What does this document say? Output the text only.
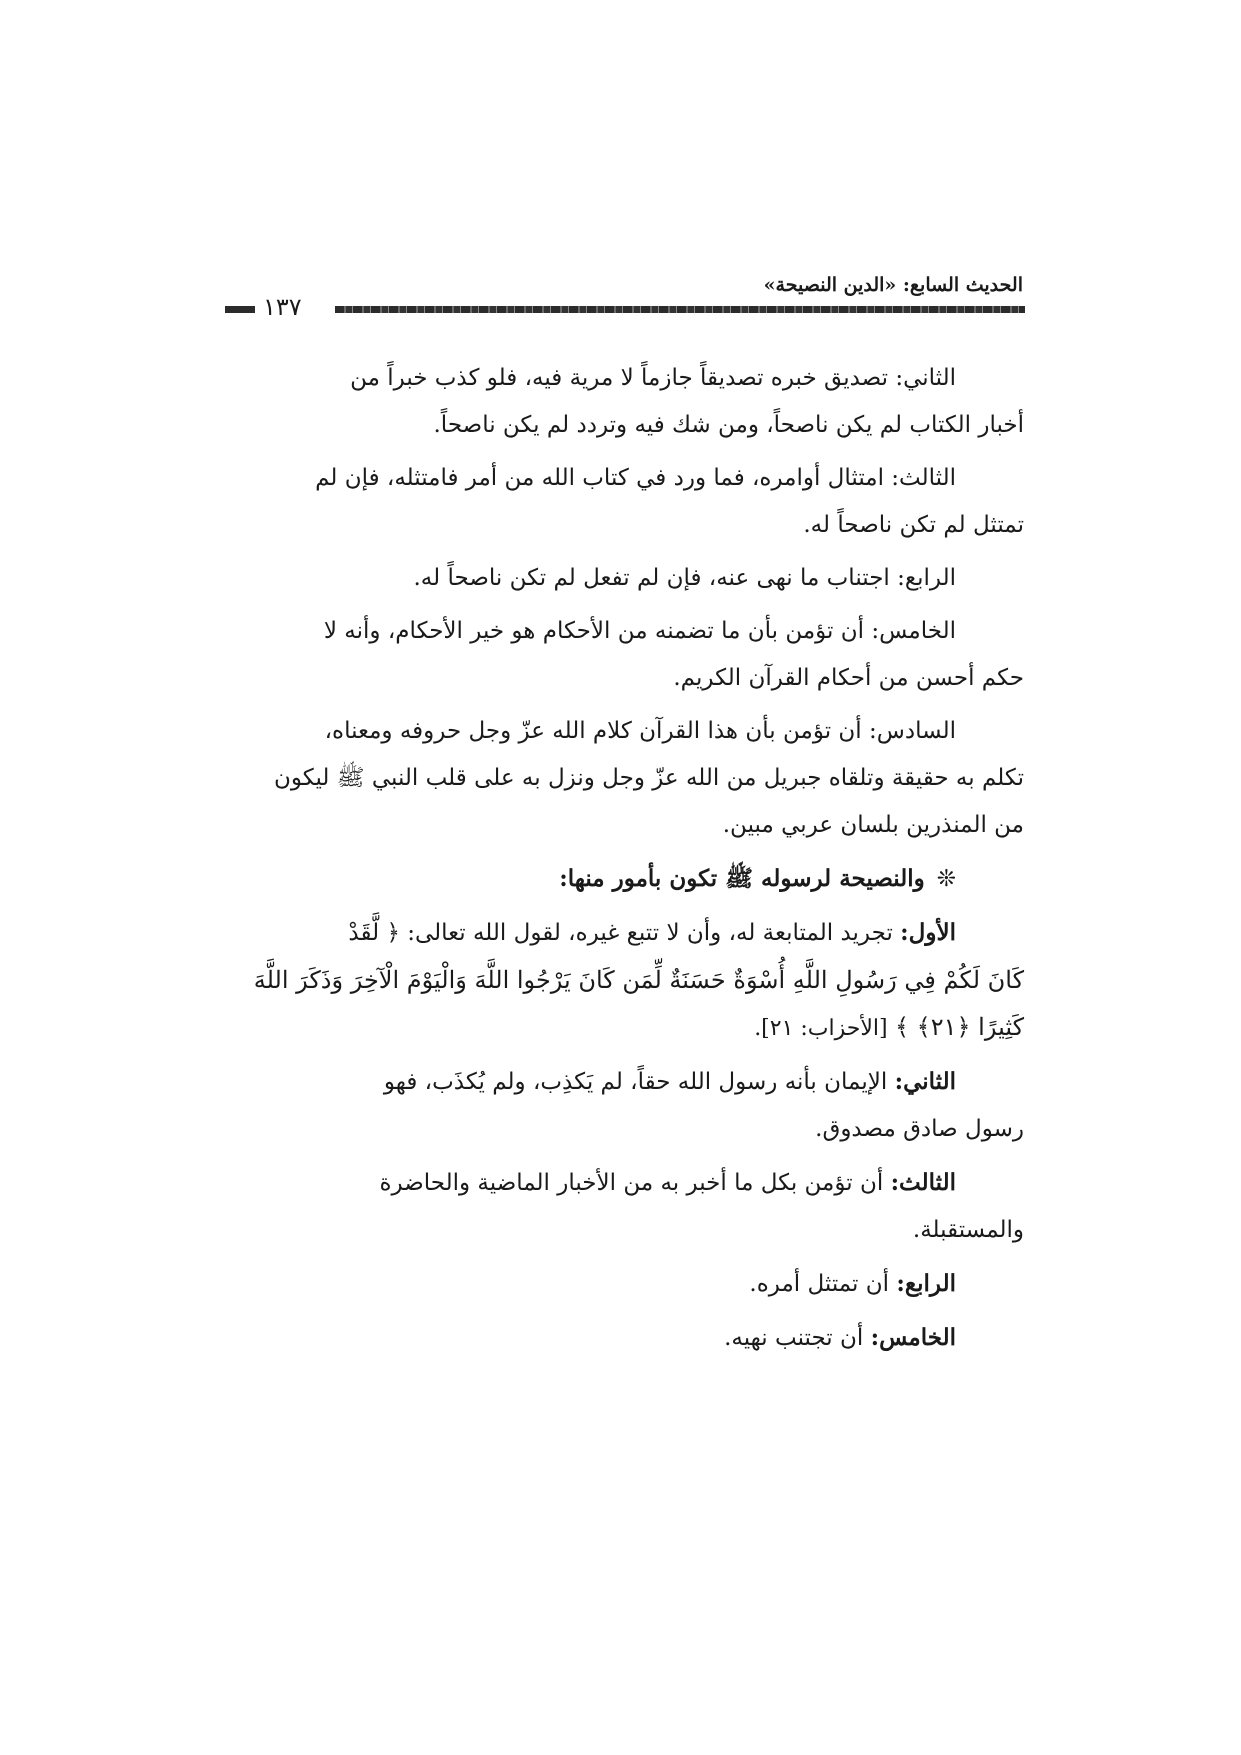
الحديث السابع: «الدين النصيحة»
١٣٧

الثاني: تصديق خبره تصديقاً جازماً لا مرية فيه، فلو كذب خبراً من

أخبار الكتاب لم يكن ناصحاً، ومن شك فيه وتردد لم يكن ناصحاً.

الثالث: امتثال أوامره، فما ورد في كتاب الله من أمر فامتثله، فإن لم

تمتثل لم تكن ناصحاً له.

الرابع: اجتناب ما نهى عنه، فإن لم تفعل لم تكن ناصحاً له.

الخامس: أن تؤمن بأن ما تضمنه من الأحكام هو خير الأحكام، وأنه لا

حكم أحسن من أحكام القرآن الكريم.

السادس: أن تؤمن بأن هذا القرآن كلام الله عزّ وجل حروفه ومعناه،

تكلم به حقيقة وتلقاه جبريل من الله عزّ وجل ونزل به على قلب النبي ﷺ ليكون

من المنذرين بلسان عربي مبين.

❊والنصيحة لرسوله ﷺ تكون بأمور منها:

الأول: تجريد المتابعة له، وأن لا تتبع غيره، لقول الله تعالى: ﴿ لَّقَدْ

كَانَ لَكُمْ فِي رَسُولِ اللَّهِ أُسْوَةٌ حَسَنَةٌ لِّمَن كَانَ يَرْجُوا اللَّهَ وَالْيَوْمَ الْآخِرَ وَذَكَرَ اللَّهَ

كَثِيرًا ﴿٢١﴾ ﴾ [الأحزاب: ٢١].

الثاني: الإيمان بأنه رسول الله حقاً، لم يَكذِب، ولم يُكذَب، فهو

رسول صادق مصدوق.

الثالث: أن تؤمن بكل ما أخبر به من الأخبار الماضية والحاضرة

والمستقبلة.

الرابع: أن تمتثل أمره.

الخامس: أن تجتنب نهيه.
